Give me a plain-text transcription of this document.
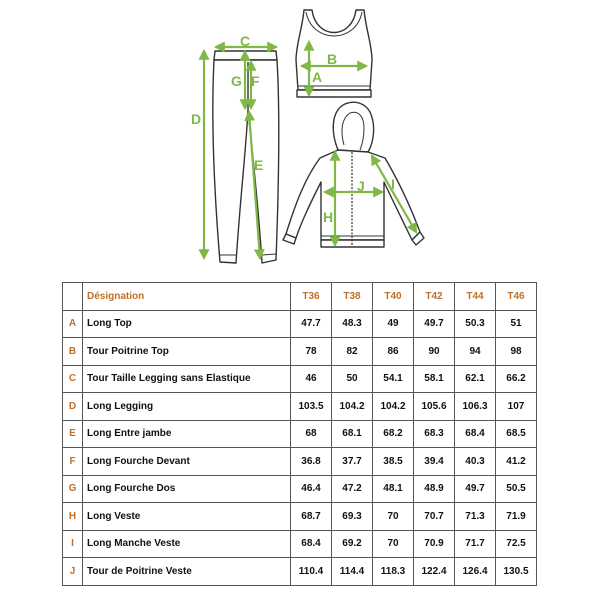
C
D
E
G F	A
B
H
J I
	Désignation	T36	T38	T40	T42	T44	T46
A	Long Top	47.7	48.3	49	49.7	50.3	51
B	Tour Poitrine Top	78	82	86	90	94	98
C	Tour Taille Legging sans Elastique	46	50	54.1	58.1	62.1	66.2
D	Long Legging	103.5	104.2	104.2	105.6	106.3	107
E	Long Entre jambe	68	68.1	68.2	68.3	68.4	68.5
F	Long Fourche Devant	36.8	37.7	38.5	39.4	40.3	41.2
G	Long Fourche Dos	46.4	47.2	48.1	48.9	49.7	50.5
H	Long Veste	68.7	69.3	70	70.7	71.3	71.9
I	Long Manche Veste	68.4	69.2	70	70.9	71.7	72.5
J	Tour de Poitrine Veste	110.4	114.4	118.3	122.4	126.4	130.5
